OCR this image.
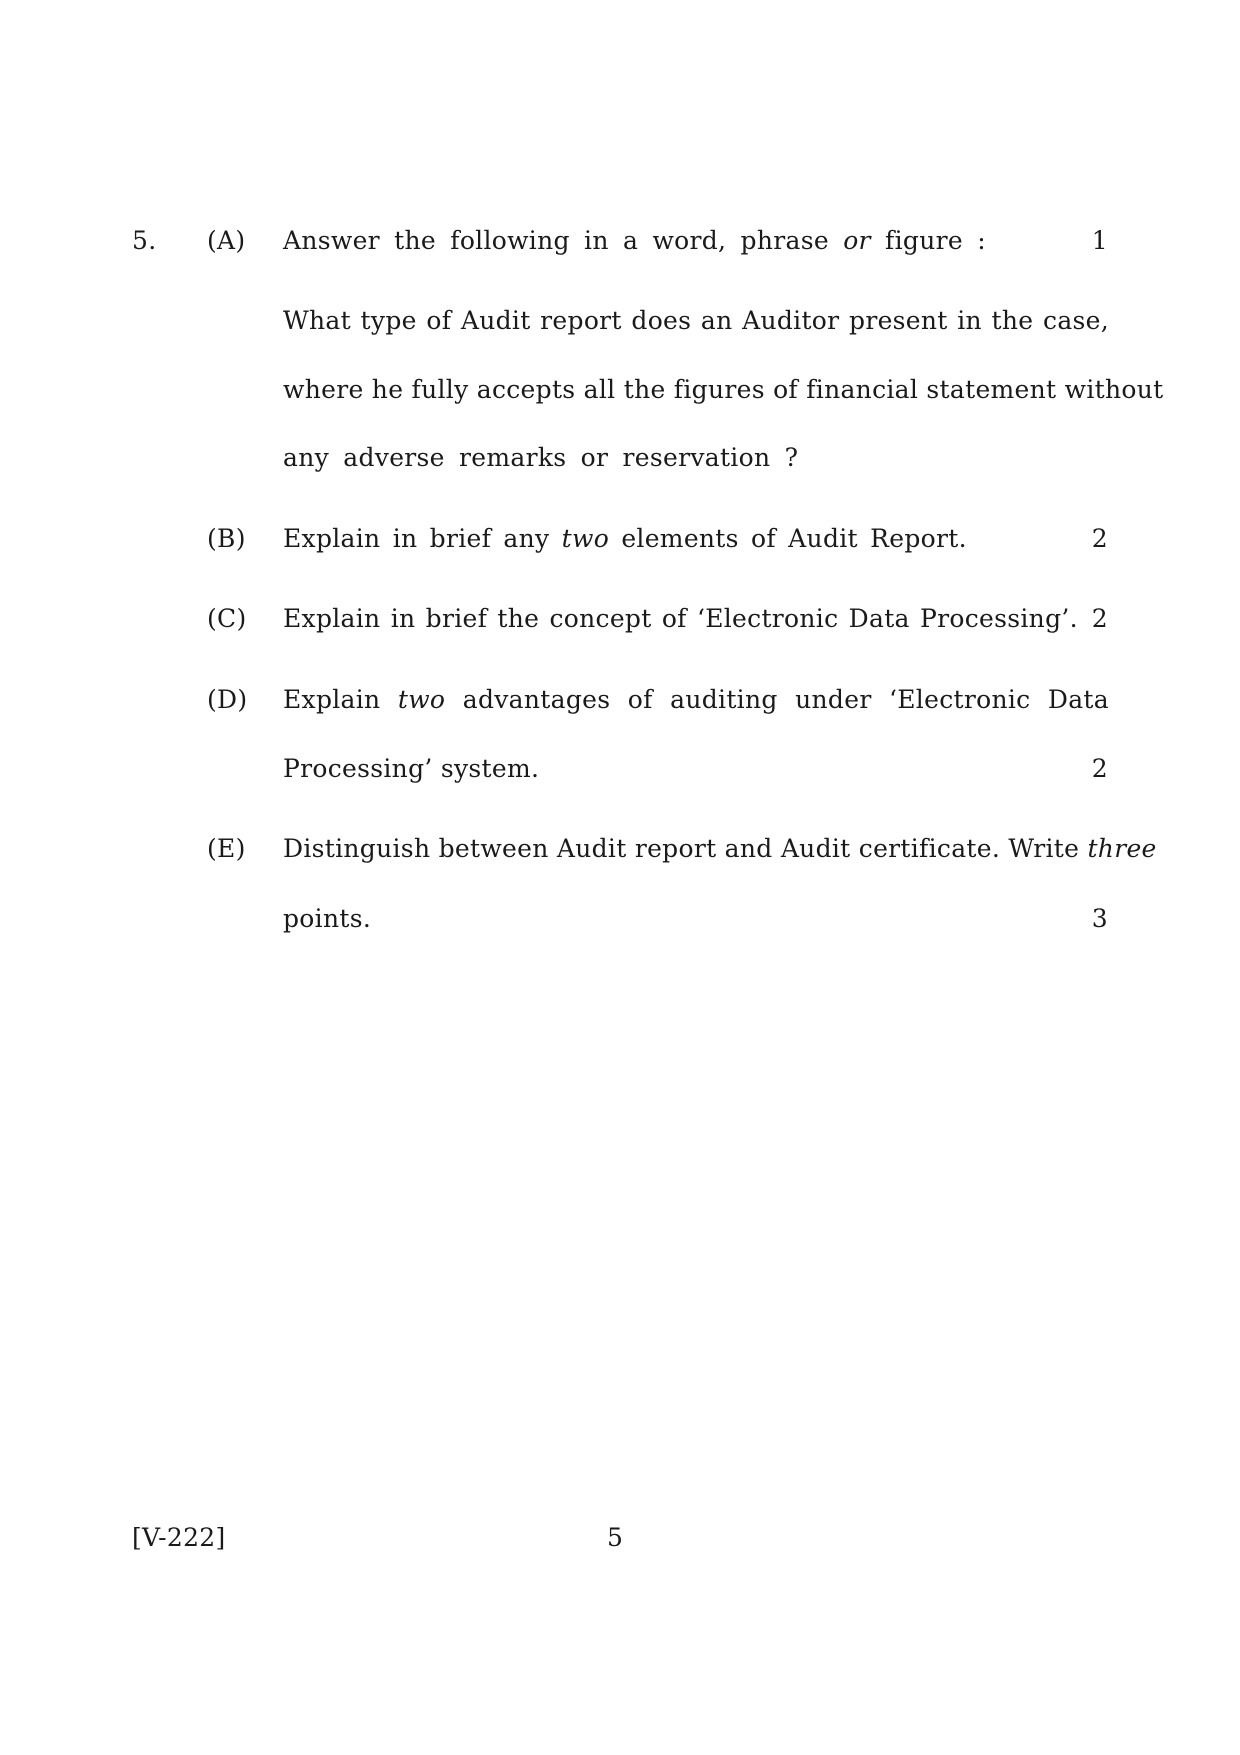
5. (A) Answer the following in a word, phrase or figure :	1
What type of Audit report does an Auditor present in the case,
where he fully accepts all the figures of financial statement without
any adverse remarks or reservation ?
(B) Explain in brief any two elements of Audit Report.	2
(C) Explain in brief the concept of ‘Electronic Data Processing’. 2
(D) Explain two advantages of auditing under ‘Electronic Data
Processing’ system.	2
(E) Distinguish between Audit report and Audit certificate. Write three
points.	3
[V-222]	5
